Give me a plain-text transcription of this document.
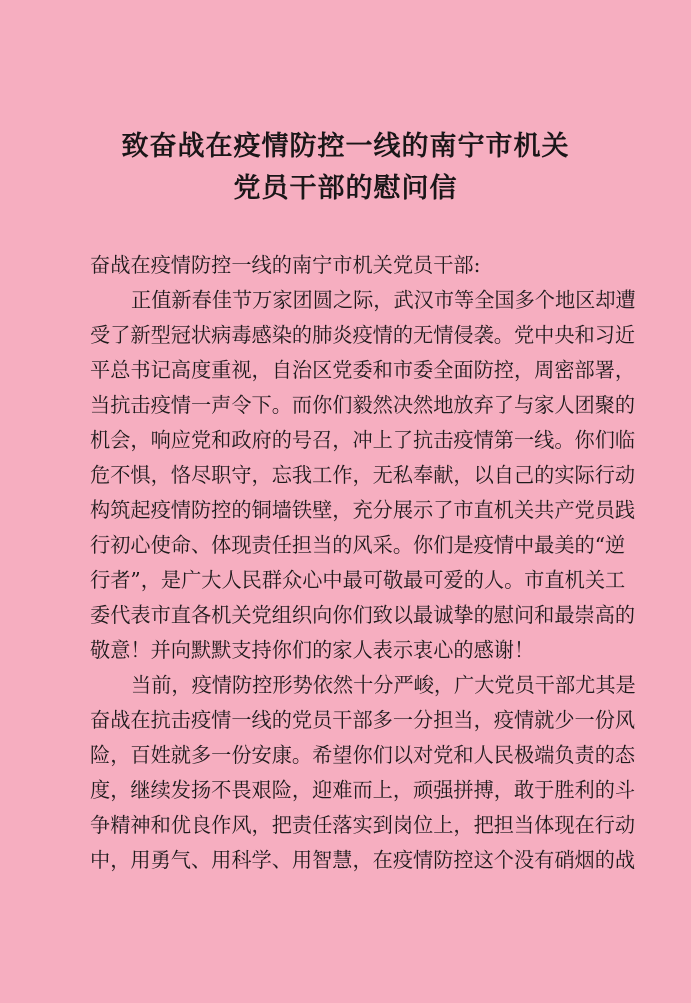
致奋战在疫情防控一线的南宁市机关
党员干部的慰问信
奋战在疫情防控一线的南宁市机关党员干部:
正值新春佳节万家团圆之际，武汉市等全国多个地区却遭
受了新型冠状病毒感染的肺炎疫情的无情侵袭。党中央和习近
平总书记高度重视，自治区党委和市委全面防控，周密部署，
当抗击疫情一声令下。而你们毅然决然地放弃了与家人团聚的
机会，响应党和政府的号召，冲上了抗击疫情第一线。你们临
危不惧，恪尽职守，忘我工作，无私奉献，以自己的实际行动
构筑起疫情防控的铜墙铁壁，充分展示了市直机关共产党员践
行初心使命、体现责任担当的风采。你们是疫情中最美的“逆
行者”，是广大人民群众心中最可敬最可爱的人。市直机关工
委代表市直各机关党组织向你们致以最诚挚的慰问和最崇高的
敬意！并向默默支持你们的家人表示衷心的感谢！
当前，疫情防控形势依然十分严峻，广大党员干部尤其是
奋战在抗击疫情一线的党员干部多一分担当，疫情就少一份风
险，百姓就多一份安康。希望你们以对党和人民极端负责的态
度，继续发扬不畏艰险，迎难而上，顽强拼搏，敢于胜利的斗
争精神和优良作风，把责任落实到岗位上，把担当体现在行动
中，用勇气、用科学、用智慧，在疫情防控这个没有硝烟的战
